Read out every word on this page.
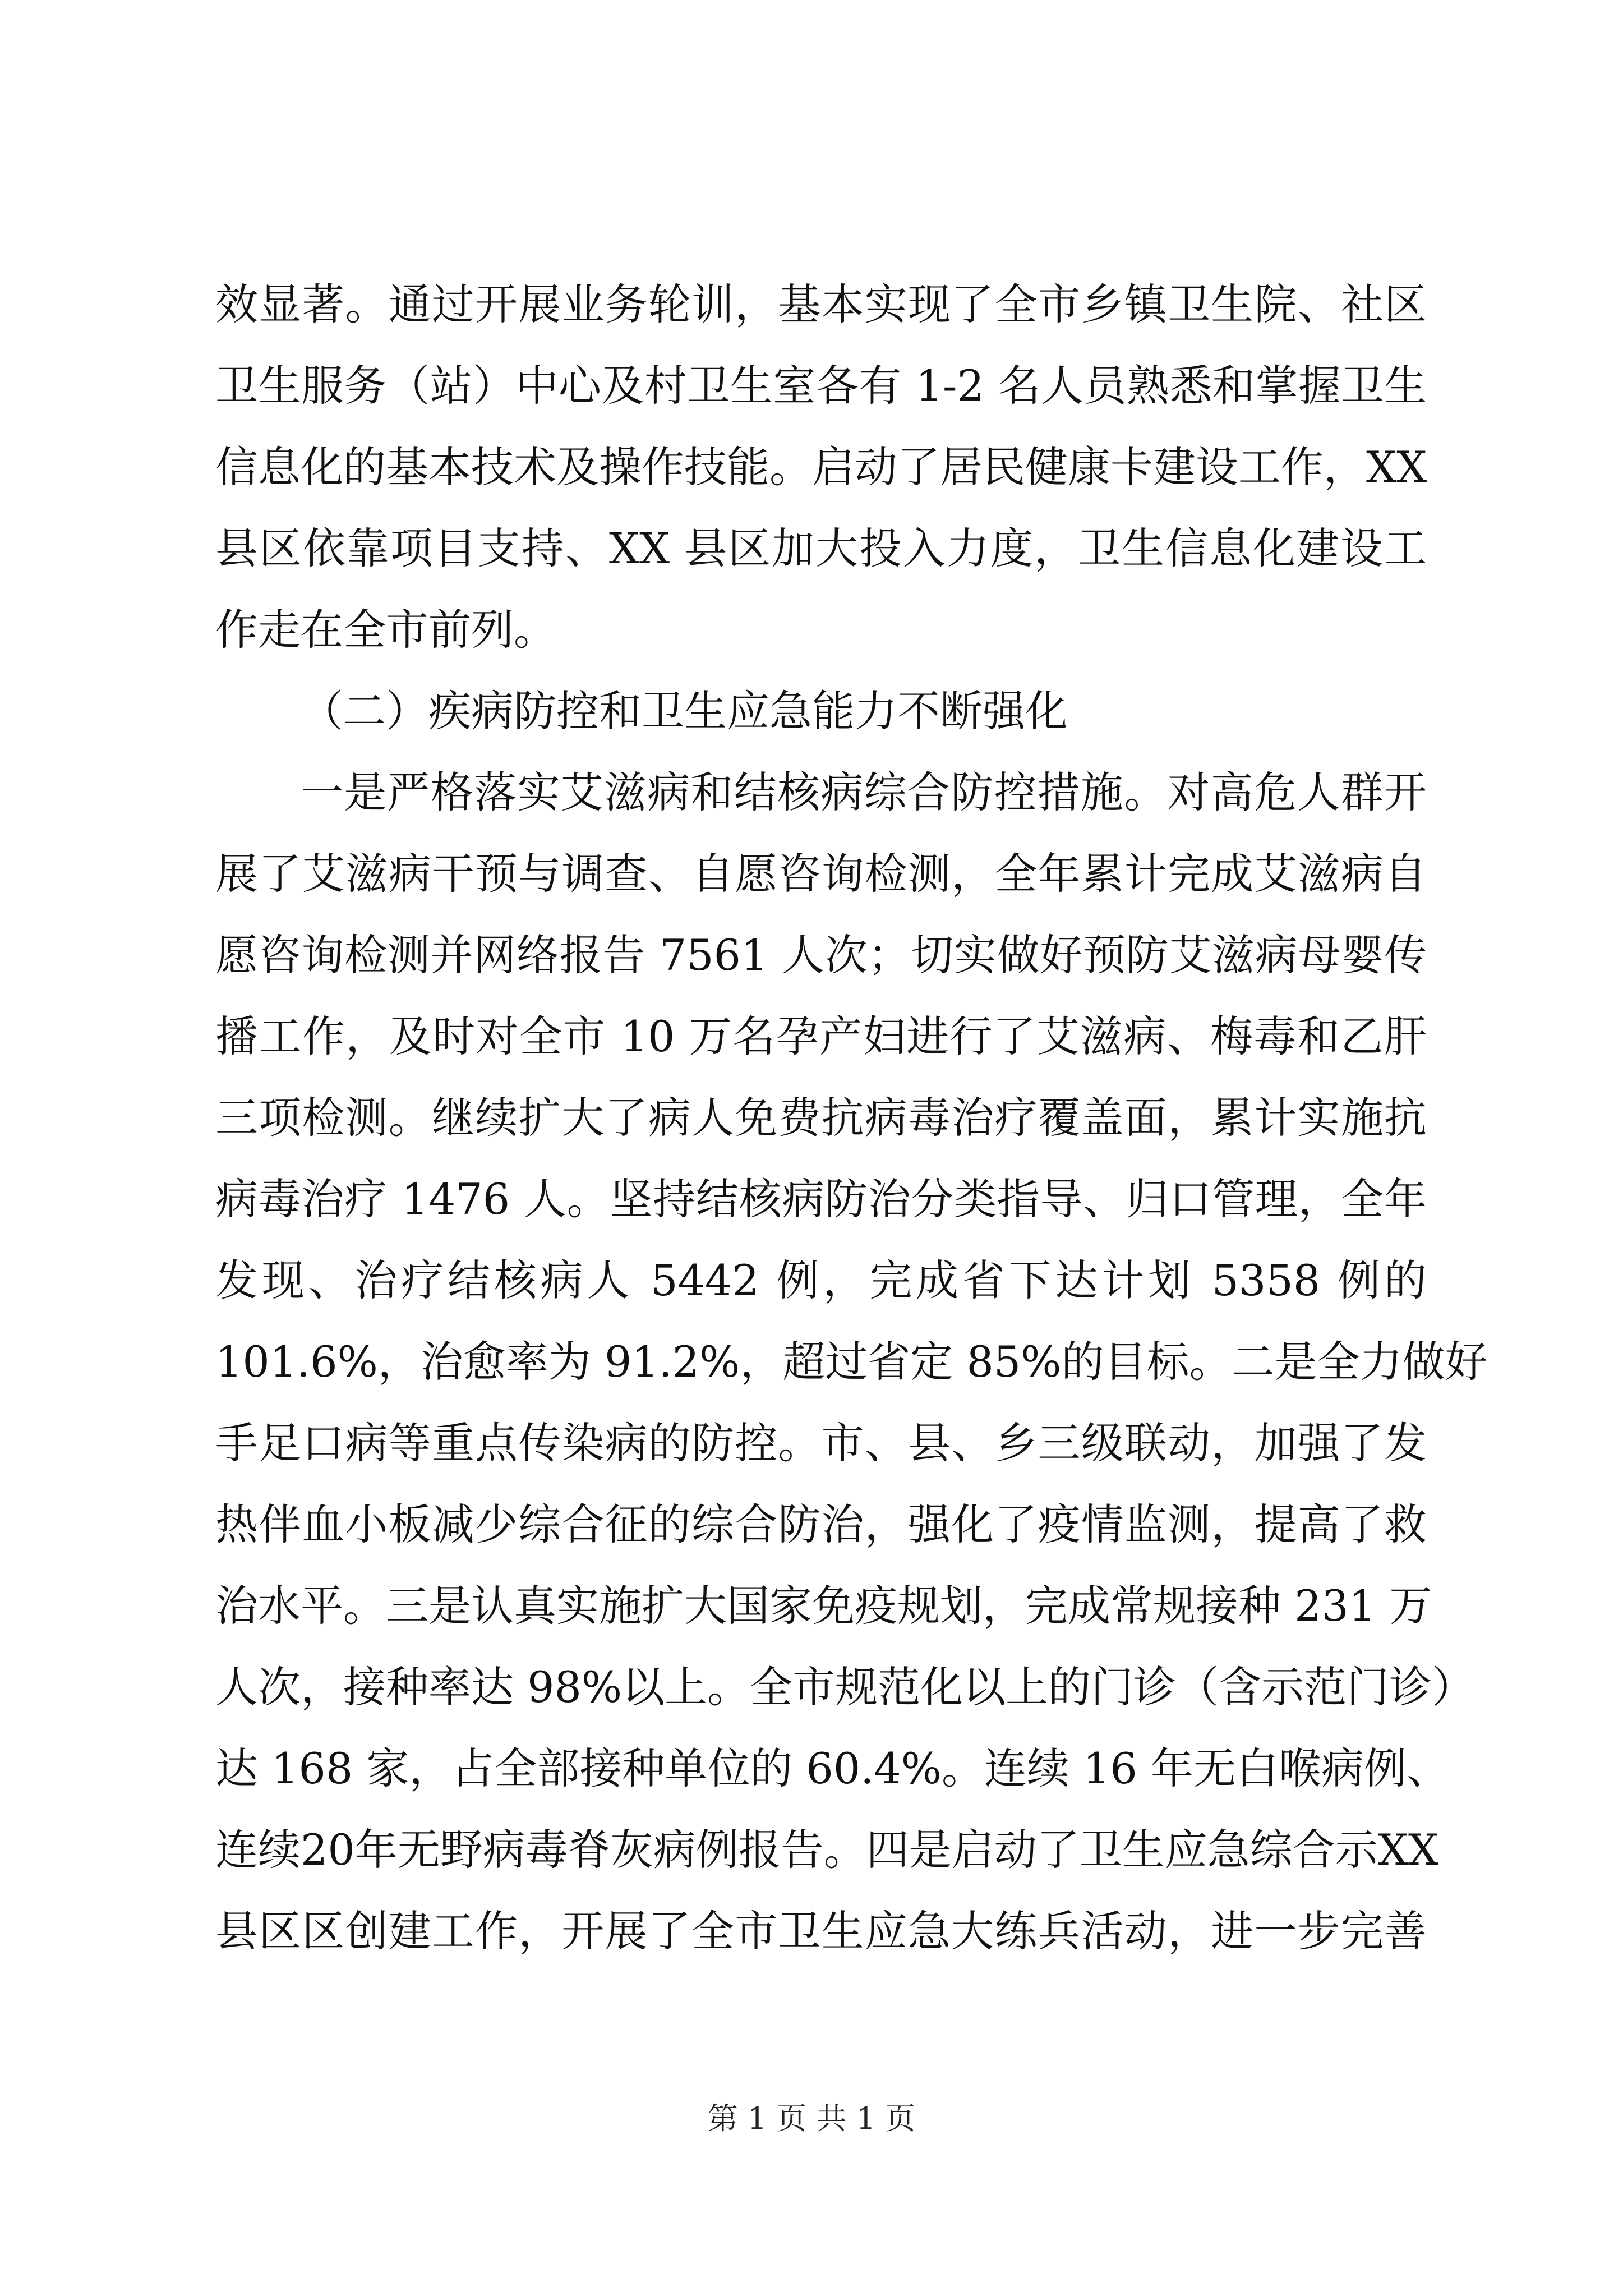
效显著。通过开展业务轮训，基本实现了全市乡镇卫生院、社区
卫生服务（站）中心及村卫生室各有 1-2 名人员熟悉和掌握卫生
信息化的基本技术及操作技能。启动了居民健康卡建设工作，XX
县区依靠项目支持、XX 县区加大投入力度，卫生信息化建设工
作走在全市前列。
（二）疾病防控和卫生应急能力不断强化
一是严格落实艾滋病和结核病综合防控措施。对高危人群开
展了艾滋病干预与调查、自愿咨询检测，全年累计完成艾滋病自
愿咨询检测并网络报告 7561 人次；切实做好预防艾滋病母婴传
播工作，及时对全市 10 万名孕产妇进行了艾滋病、梅毒和乙肝
三项检测。继续扩大了病人免费抗病毒治疗覆盖面，累计实施抗
病毒治疗 1476 人。坚持结核病防治分类指导、归口管理，全年
发现、治疗结核病人 5442 例，完成省下达计划 5358 例的
101.6%，治愈率为 91.2%，超过省定 85%的目标。二是全力做好
手足口病等重点传染病的防控。市、县、乡三级联动，加强了发
热伴血小板减少综合征的综合防治，强化了疫情监测，提高了救
治水平。三是认真实施扩大国家免疫规划，完成常规接种 231 万
人次，接种率达 98%以上。全市规范化以上的门诊（含示范门诊）
达 168 家，占全部接种单位的 60.4%。连续 16 年无白喉病例、
连续20年无野病毒脊灰病例报告。四是启动了卫生应急综合示XX
县区区创建工作，开展了全市卫生应急大练兵活动，进一步完善
第 1 页 共 1 页
